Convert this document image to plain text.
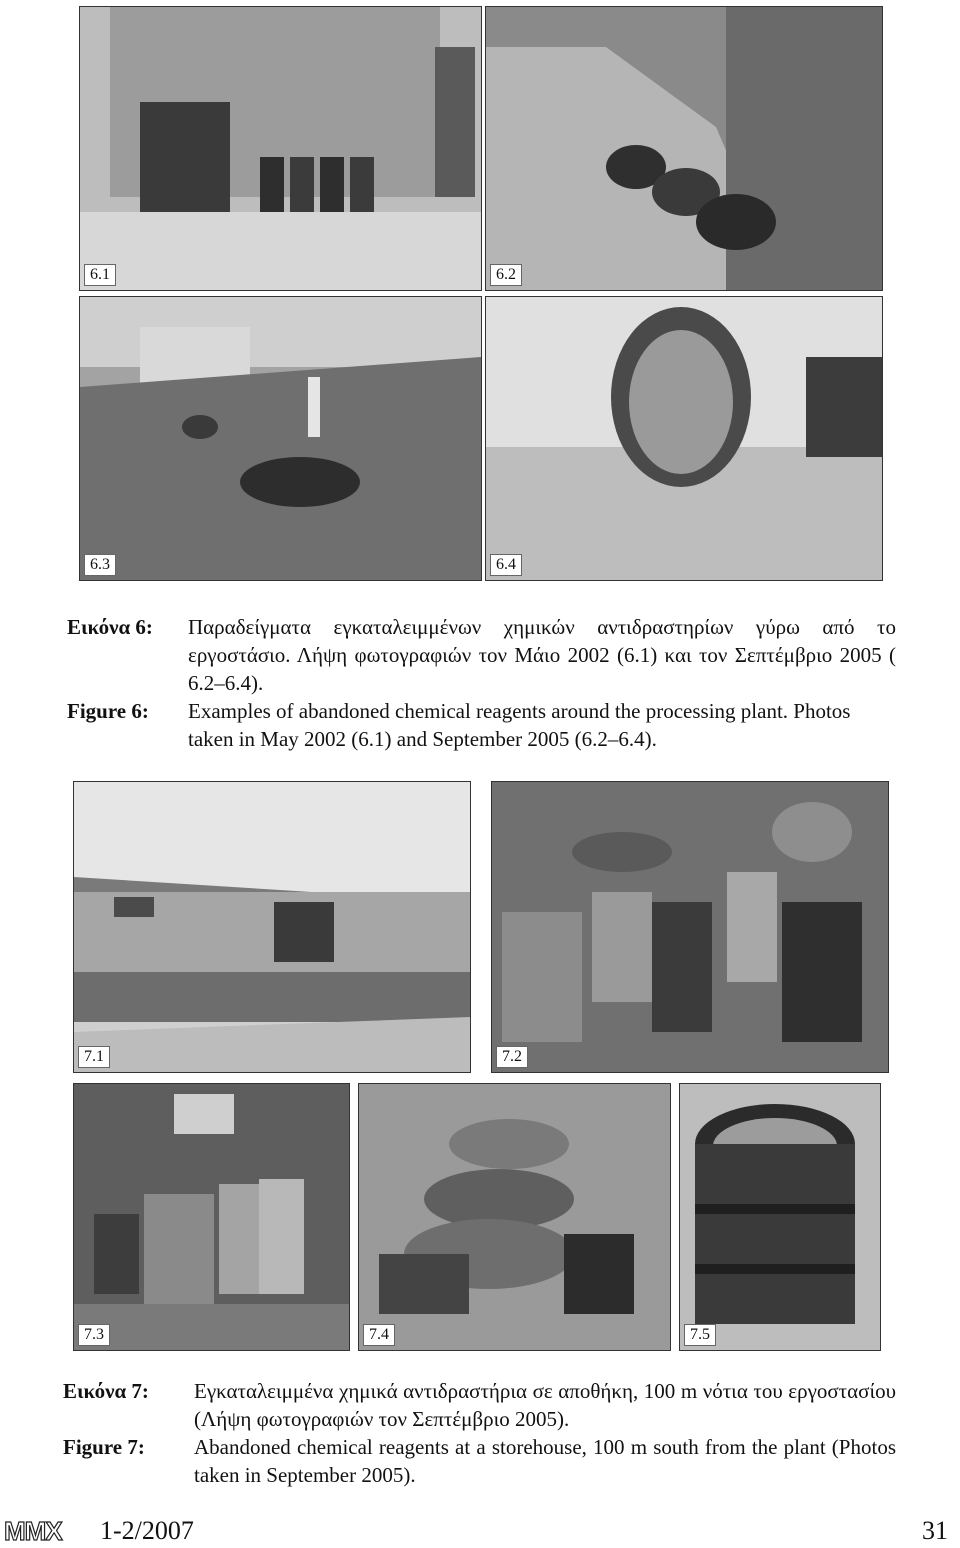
6.1	6.2
6.3	6.4
Εικόνα 6: Παραδείγματα εγκαταλειμμένων χημικών αντιδραστηρίων γύρω από το εργοστάσιο. Λήψη φωτογραφιών τον Μάιο 2002 (6.1) και τον Σεπτέμβριο 2005 ( 6.2–6.4).
Figure 6: Examples of abandoned chemical reagents around the processing plant. Photos taken in May 2002 (6.1) and September 2005 (6.2–6.4).
7.1	7.2
7.3	7.4	7.5
Εικόνα 7: Εγκαταλειμμένα χημικά αντιδραστήρια σε αποθήκη, 100 m νότια του εργοστασίου (Λήψη φωτογραφιών τον Σεπτέμβριο 2005).
Figure 7: Abandoned chemical reagents at a storehouse, 100 m south from the plant (Photos taken in September 2005).
MMX 1-2/2007	31
